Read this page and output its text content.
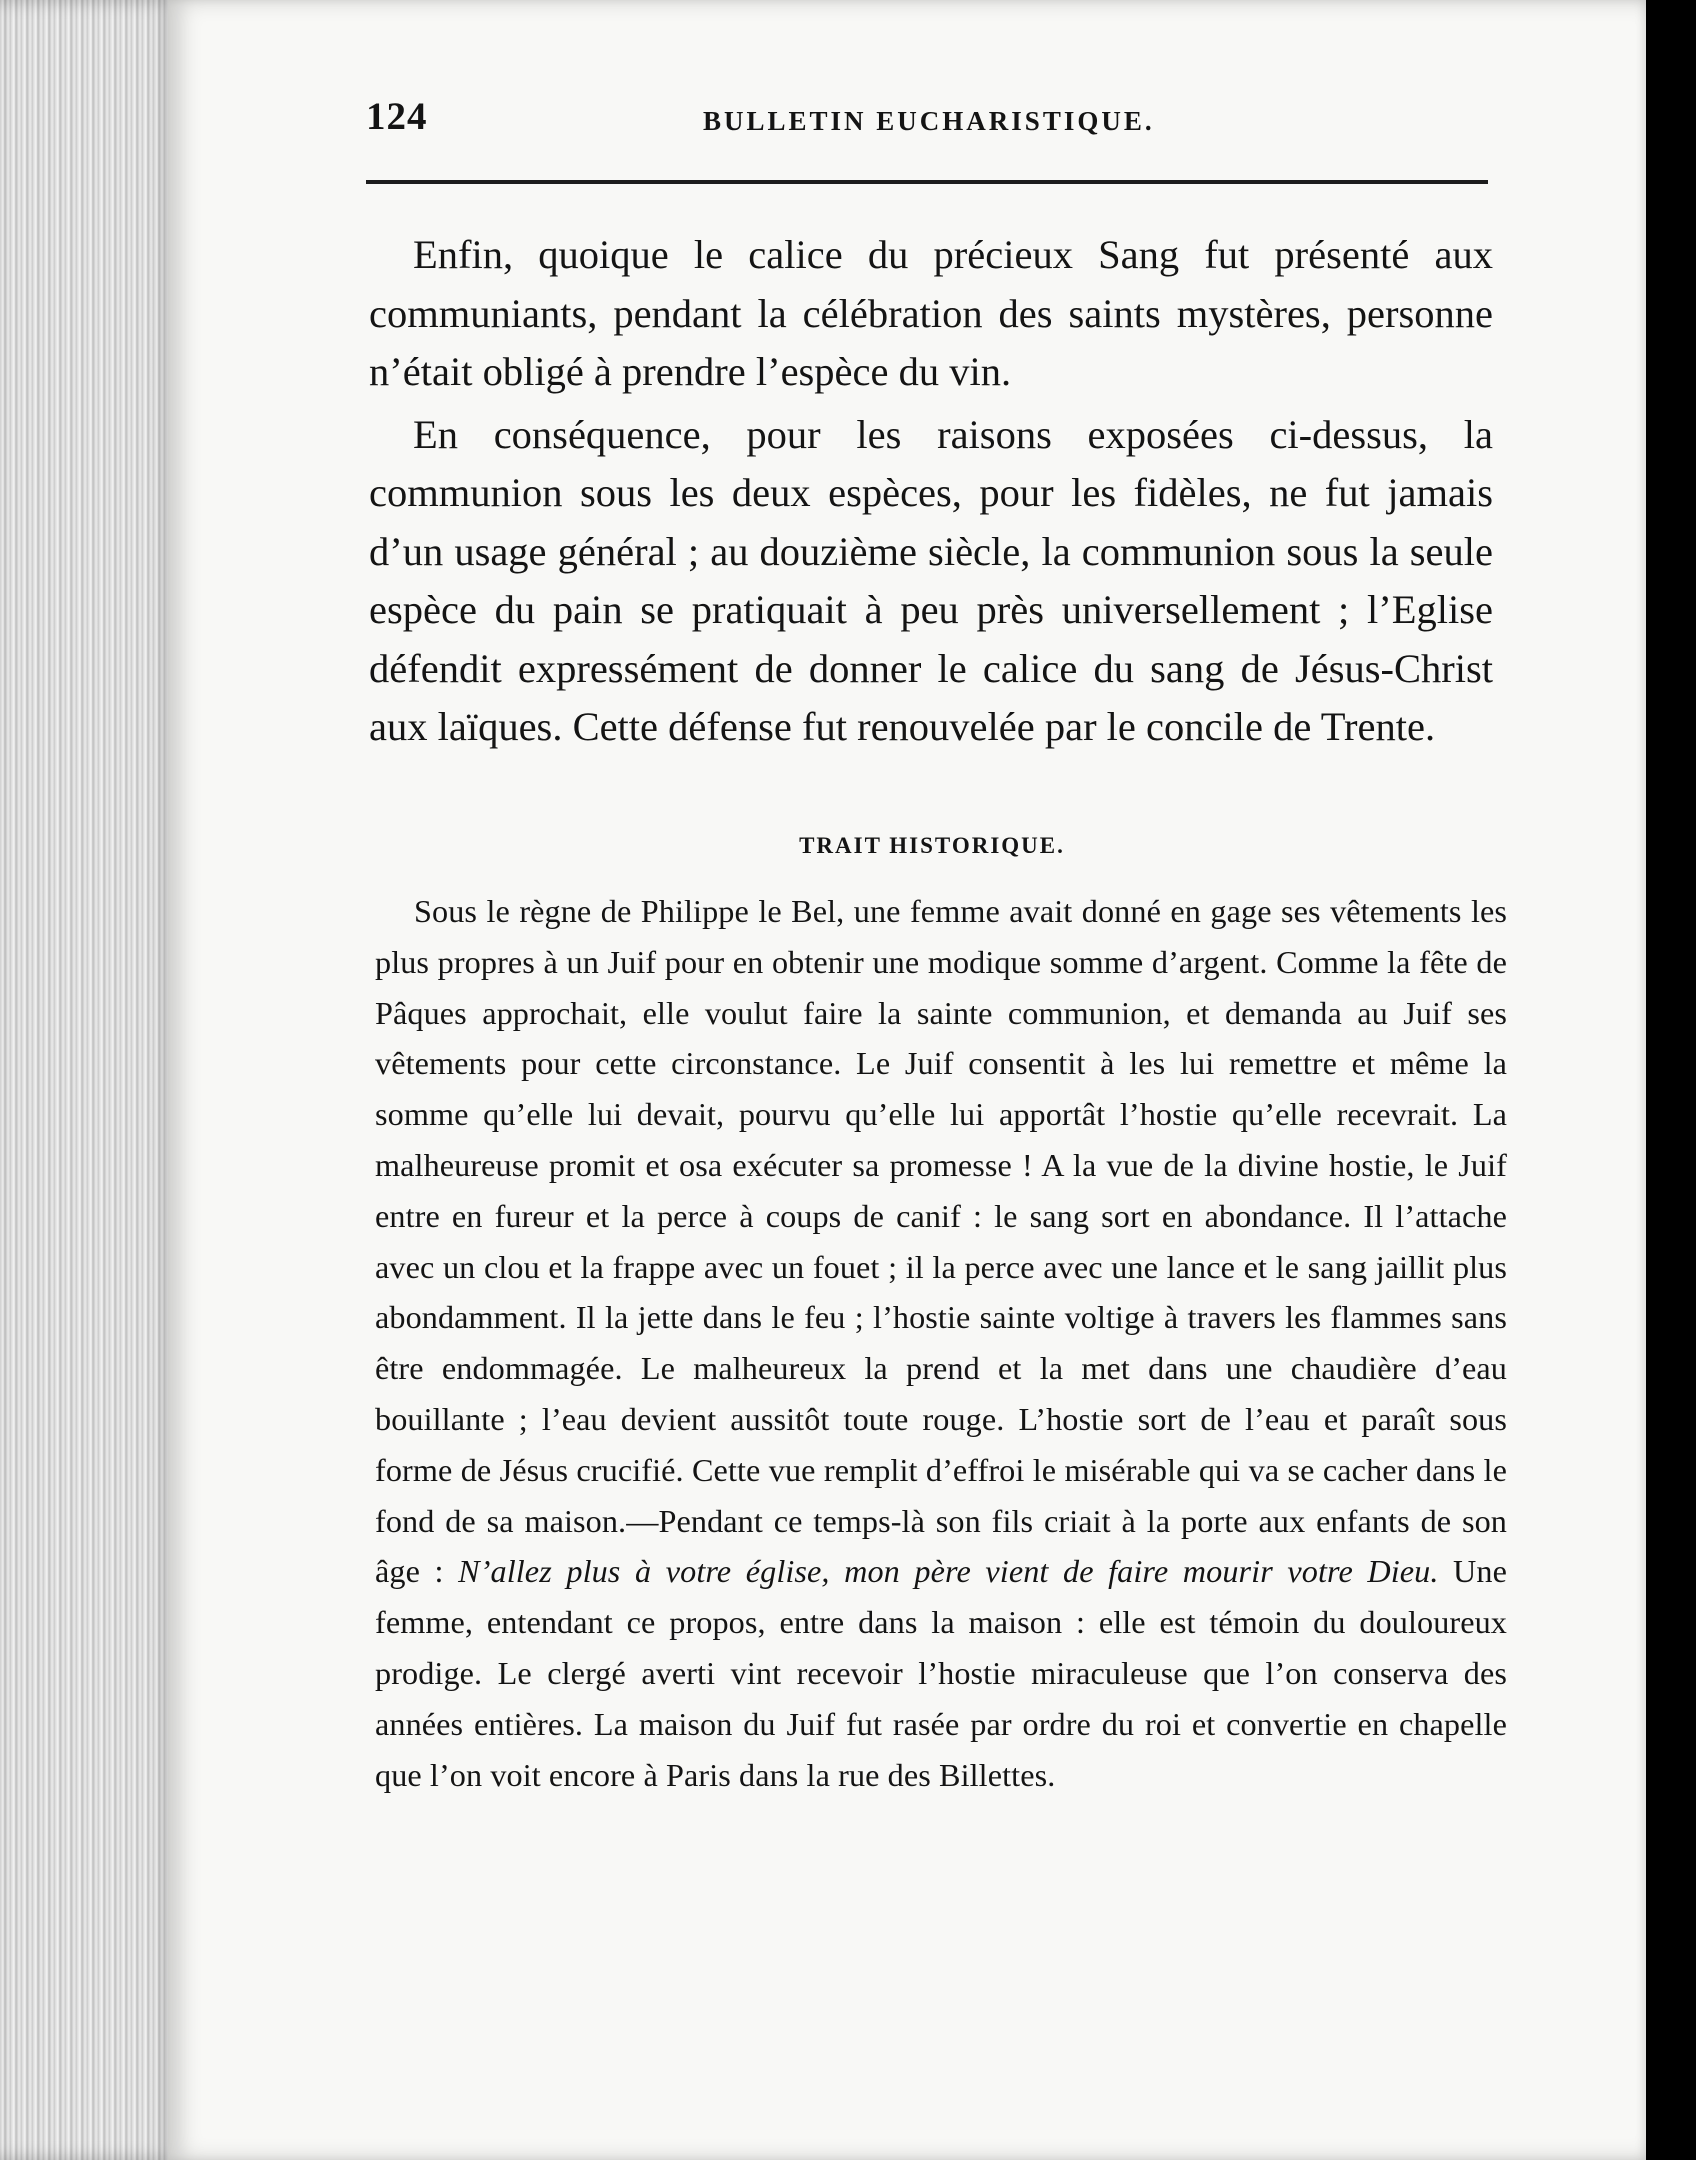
124	BULLETIN EUCHARISTIQUE.

Enfin, quoique le calice du précieux Sang fut présenté aux communiants, pendant la célébration des saints mystères, personne n’était obligé à prendre l’espèce du vin.

En conséquence, pour les raisons exposées ci-dessus, la communion sous les deux espèces, pour les fidèles, ne fut jamais d’un usage général ; au douzième siècle, la communion sous la seule espèce du pain se pratiquait à peu près universellement ; l’Eglise défendit expressément de donner le calice du sang de Jésus-Christ aux laïques. Cette défense fut renouvelée par le concile de Trente.

TRAIT HISTORIQUE.

Sous le règne de Philippe le Bel, une femme avait donné en gage ses vêtements les plus propres à un Juif pour en obtenir une modique somme d’argent. Comme la fête de Pâques approchait, elle voulut faire la sainte communion, et demanda au Juif ses vêtements pour cette circonstance. Le Juif consentit à les lui remettre et même la somme qu’elle lui devait, pourvu qu’elle lui apportât l’hostie qu’elle recevrait. La malheureuse promit et osa exécuter sa promesse ! A la vue de la divine hostie, le Juif entre en fureur et la perce à coups de canif : le sang sort en abondance. Il l’attache avec un clou et la frappe avec un fouet ; il la perce avec une lance et le sang jaillit plus abondamment. Il la jette dans le feu ; l’hostie sainte voltige à travers les flammes sans être endommagée. Le malheureux la prend et la met dans une chaudière d’eau bouillante ; l’eau devient aussitôt toute rouge. L’hostie sort de l’eau et paraît sous forme de Jésus crucifié. Cette vue remplit d’effroi le misérable qui va se cacher dans le fond de sa maison.—Pendant ce temps-là son fils criait à la porte aux enfants de son âge : N’allez plus à votre église, mon père vient de faire mourir votre Dieu. Une femme, entendant ce propos, entre dans la maison : elle est témoin du douloureux prodige. Le clergé averti vint recevoir l’hostie miraculeuse que l’on conserva des années entières. La maison du Juif fut rasée par ordre du roi et convertie en chapelle que l’on voit encore à Paris dans la rue des Billettes.
